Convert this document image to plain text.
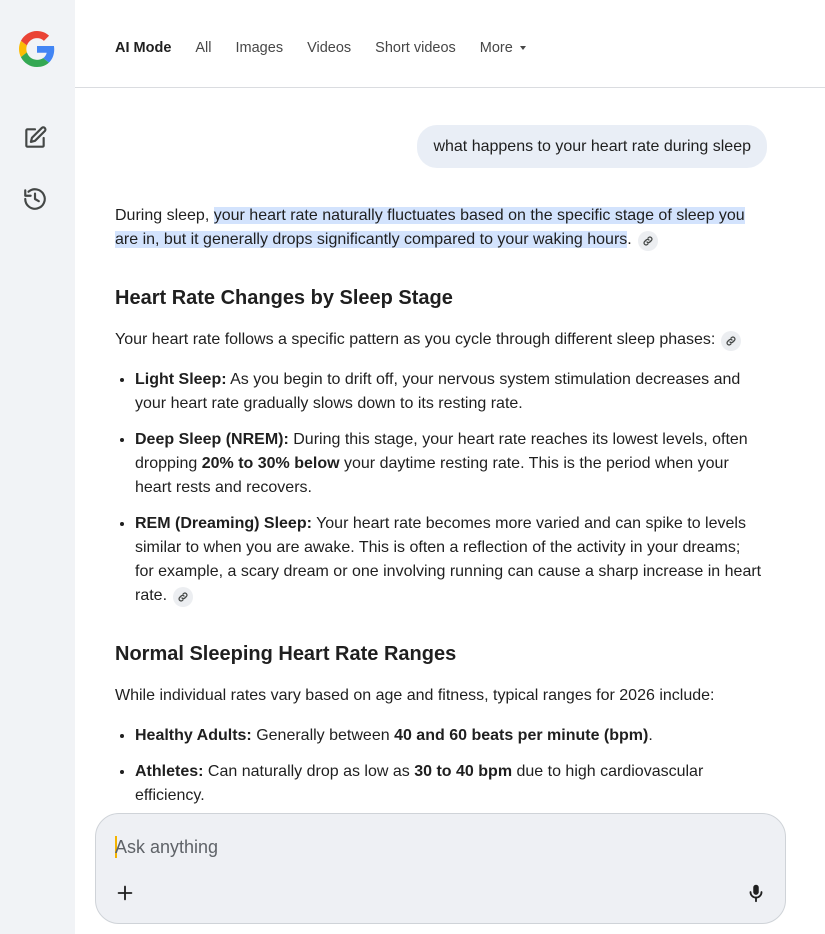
AI Mode All Images Videos Short videos More
what happens to your heart rate during sleep

During sleep, your heart rate naturally fluctuates based on the specific stage of sleep you are in, but it generally drops significantly compared to your waking hours.

Heart Rate Changes by Sleep Stage

Your heart rate follows a specific pattern as you cycle through different sleep phases:

• Light Sleep: As you begin to drift off, your nervous system stimulation decreases and your heart rate gradually slows down to its resting rate.
• Deep Sleep (NREM): During this stage, your heart rate reaches its lowest levels, often dropping 20% to 30% below your daytime resting rate. This is the period when your heart rests and recovers.
• REM (Dreaming) Sleep: Your heart rate becomes more varied and can spike to levels similar to when you are awake. This is often a reflection of the activity in your dreams; for example, a scary dream or one involving running can cause a sharp increase in heart rate.
Normal Sleeping Heart Rate Ranges

While individual rates vary based on age and fitness, typical ranges for 2026 include:

• Healthy Adults: Generally between 40 and 60 beats per minute (bpm).
• Athletes: Can naturally drop as low as 30 to 40 bpm due to high cardiovascular efficiency.
Ask anything
